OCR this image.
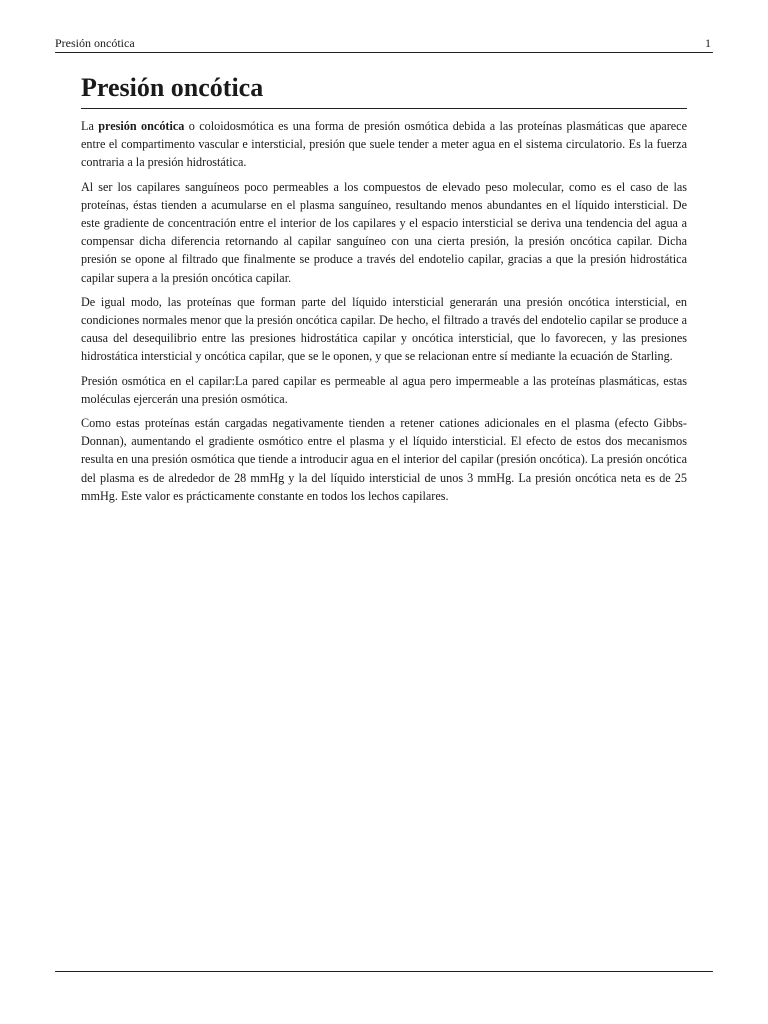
Presión oncótica	1
Presión oncótica

La presión oncótica o coloidosmótica es una forma de presión osmótica debida a las proteínas plasmáticas que aparece entre el compartimento vascular e intersticial, presión que suele tender a meter agua en el sistema circulatorio. Es la fuerza contraria a la presión hidrostática.

Al ser los capilares sanguíneos poco permeables a los compuestos de elevado peso molecular, como es el caso de las proteínas, éstas tienden a acumularse en el plasma sanguíneo, resultando menos abundantes en el líquido intersticial. De este gradiente de concentración entre el interior de los capilares y el espacio intersticial se deriva una tendencia del agua a compensar dicha diferencia retornando al capilar sanguíneo con una cierta presión, la presión oncótica capilar. Dicha presión se opone al filtrado que finalmente se produce a través del endotelio capilar, gracias a que la presión hidrostática capilar supera a la presión oncótica capilar.

De igual modo, las proteínas que forman parte del líquido intersticial generarán una presión oncótica intersticial, en condiciones normales menor que la presión oncótica capilar. De hecho, el filtrado a través del endotelio capilar se produce a causa del desequilibrio entre las presiones hidrostática capilar y oncótica intersticial, que lo favorecen, y las presiones hidrostática intersticial y oncótica capilar, que se le oponen, y que se relacionan entre sí mediante la ecuación de Starling.

Presión osmótica en el capilar:La pared capilar es permeable al agua pero impermeable a las proteínas plasmáticas, estas moléculas ejercerán una presión osmótica.

Como estas proteínas están cargadas negativamente tienden a retener cationes adicionales en el plasma (efecto Gibbs-Donnan), aumentando el gradiente osmótico entre el plasma y el líquido intersticial. El efecto de estos dos mecanismos resulta en una presión osmótica que tiende a introducir agua en el interior del capilar (presión oncótica). La presión oncótica del plasma es de alrededor de 28 mmHg y la del líquido intersticial de unos 3 mmHg. La presión oncótica neta es de 25 mmHg. Este valor es prácticamente constante en todos los lechos capilares.
